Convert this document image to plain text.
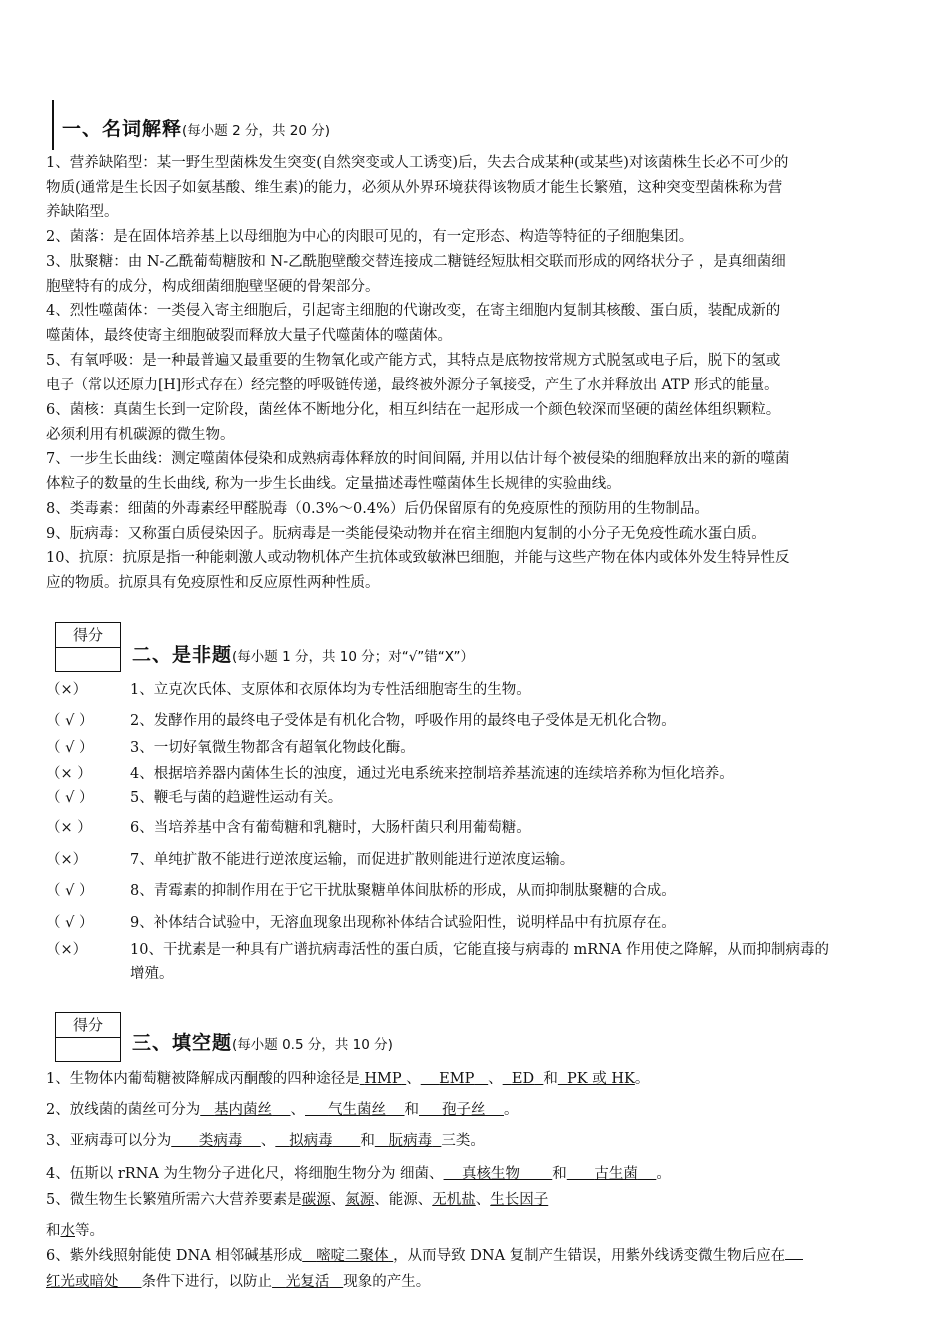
一、名词解释(每小题 2 分，共 20 分)

1、营养缺陷型：某一野生型菌株发生突变(自然突变或人工诱变)后，失去合成某种(或某些)对该菌株生长必不可少的

物质(通常是生长因子如氨基酸、维生素)的能力，必须从外界环境获得该物质才能生长繁殖，这种突变型菌株称为营

养缺陷型。

2、菌落：是在固体培养基上以母细胞为中心的肉眼可见的，有一定形态、构造等特征的子细胞集团。

3、肽聚糖：由 N-乙酰葡萄糖胺和 N-乙酰胞壁酸交替连接成二糖链经短肽相交联而形成的网络状分子 ，是真细菌细

胞壁特有的成分，构成细菌细胞壁坚硬的骨架部分。

4、烈性噬菌体：一类侵入寄主细胞后，引起寄主细胞的代谢改变，在寄主细胞内复制其核酸、蛋白质，装配成新的

噬菌体，最终使寄主细胞破裂而释放大量子代噬菌体的噬菌体。

5、有氧呼吸：是一种最普遍又最重要的生物氧化或产能方式，其特点是底物按常规方式脱氢或电子后，脱下的氢或

电子（常以还原力[H]形式存在）经完整的呼吸链传递，最终被外源分子氧接受，产生了水并释放出 ATP 形式的能量。

6、菌核：真菌生长到一定阶段，菌丝体不断地分化，相互纠结在一起形成一个颜色较深而坚硬的菌丝体组织颗粒。

必须利用有机碳源的微生物。

7、一步生长曲线：测定噬菌体侵染和成熟病毒体释放的时间间隔, 并用以估计每个被侵染的细胞释放出来的新的噬菌

体粒子的数量的生长曲线, 称为一步生长曲线。定量描述毒性噬菌体生长规律的实验曲线。

8、类毒素：细菌的外毒素经甲醛脱毒（0.3%～0.4%）后仍保留原有的免疫原性的预防用的生物制品。

9、朊病毒：又称蛋白质侵染因子。朊病毒是一类能侵染动物并在宿主细胞内复制的小分子无免疫性疏水蛋白质。

10、抗原：抗原是指一种能刺激人或动物机体产生抗体或致敏淋巴细胞，并能与这些产物在体内或体外发生特异性反

应的物质。抗原具有免疫原性和反应原性两种性质。

得分
二、是非题(每小题 1 分，共 10 分；对“√”错“X”）
（×）	1、立克次氏体、支原体和衣原体均为专性活细胞寄生的生物。
（ √ ）	2、发酵作用的最终电子受体是有机化合物，呼吸作用的最终电子受体是无机化合物。
（ √ ）	3、一切好氧微生物都含有超氧化物歧化酶。
（× ）	4、根据培养器内菌体生长的浊度，通过光电系统来控制培养基流速的连续培养称为恒化培养。
（ √ ）	5、鞭毛与菌的趋避性运动有关。
（× ）	6、当培养基中含有葡萄糖和乳糖时，大肠杆菌只利用葡萄糖。
（×）	7、单纯扩散不能进行逆浓度运输，而促进扩散则能进行逆浓度运输。
（ √ ）	8、青霉素的抑制作用在于它干扰肽聚糖单体间肽桥的形成，从而抑制肽聚糖的合成。
（ √ ）	9、补体结合试验中，无溶血现象出现称补体结合试验阳性，说明样品中有抗原存在。
（×）	10、干扰素是一种具有广谱抗病毒活性的蛋白质，它能直接与病毒的 mRNA 作用使之降解，从而抑制病毒的
增殖。
得分
三、填空题(每小题 0.5 分，共 10 分)
1、生物体内葡萄糖被降解成丙酮酸的四种途径是 HMP 、 EMP 、 ED 和 PK 或 HK。
2、放线菌的菌丝可分为 基内菌丝 、 气生菌丝 和 孢子丝 。
3、亚病毒可以分为 类病毒 、 拟病毒 和 朊病毒 三类。
4、伍斯以 rRNA 为生物分子进化尺，将细胞生物分为 细菌、 真核生物 和 古生菌 。
5、微生物生长繁殖所需六大营养要素是碳源、氮源、能源、无机盐、生长因子
和水等。
6、紫外线照射能使 DNA 相邻碱基形成 嘧啶二聚体 ，从而导致 DNA 复制产生错误，用紫外线诱变微生物后应在
红光或暗处 条件下进行，以防止 光复活 现象的产生。
